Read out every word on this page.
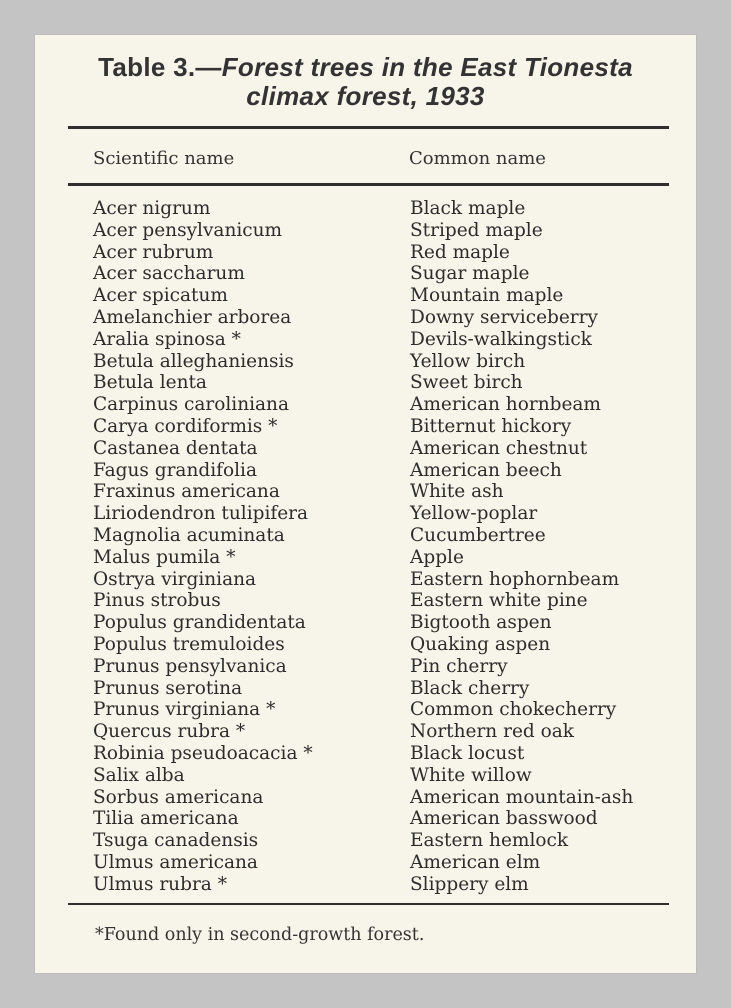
Table 3.—Forest trees in the East Tionesta
climax forest, 1933
Scientific name	Common name
Acer nigrum	Black maple
Acer pensylvanicum	Striped maple
Acer rubrum	Red maple
Acer saccharum	Sugar maple
Acer spicatum	Mountain maple
Amelanchier arborea	Downy serviceberry
Aralia spinosa *	Devils-walkingstick
Betula alleghaniensis	Yellow birch
Betula lenta	Sweet birch
Carpinus caroliniana	American hornbeam
Carya cordiformis *	Bitternut hickory
Castanea dentata	American chestnut
Fagus grandifolia	American beech
Fraxinus americana	White ash
Liriodendron tulipifera	Yellow-poplar
Magnolia acuminata	Cucumbertree
Malus pumila *	Apple
Ostrya virginiana	Eastern hophornbeam
Pinus strobus	Eastern white pine
Populus grandidentata	Bigtooth aspen
Populus tremuloides	Quaking aspen
Prunus pensylvanica	Pin cherry
Prunus serotina	Black cherry
Prunus virginiana *	Common chokecherry
Quercus rubra *	Northern red oak
Robinia pseudoacacia *	Black locust
Salix alba	White willow
Sorbus americana	American mountain-ash
Tilia americana	American basswood
Tsuga canadensis	Eastern hemlock
Ulmus americana	American elm
Ulmus rubra *	Slippery elm
*Found only in second-growth forest.
